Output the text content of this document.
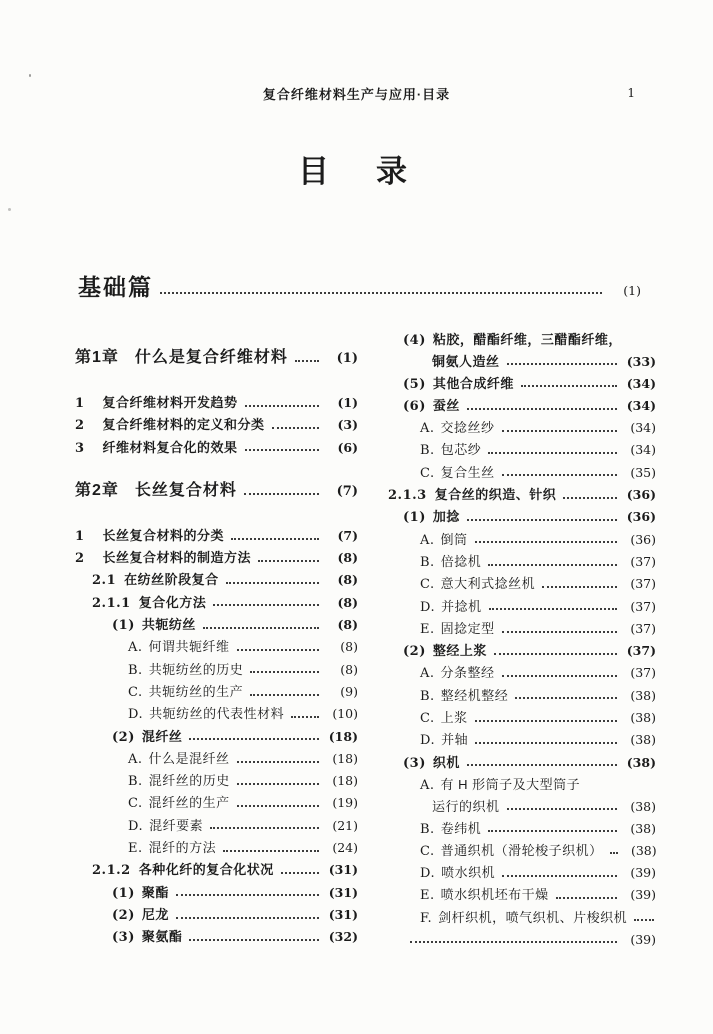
复合纤维材料生产与应用·目录	1
目　录
基础篇	(1)
第1章 什么是复合纤维材料	(1)
1 复合纤维材料开发趋势	(1)
2 复合纤维材料的定义和分类	(3)
3 纤维材料复合化的效果	(6)
第2章 长丝复合材料	(7)
1 长丝复合材料的分类	(7)
2 长丝复合材料的制造方法	(8)
2.1 在纺丝阶段复合	(8)
2.1.1 复合化方法	(8)
(1) 共轭纺丝	(8)
A. 何谓共轭纤维	(8)
B. 共轭纺丝的历史	(8)
C. 共轭纺丝的生产	(9)
D. 共轭纺丝的代表性材料	(10)
(2) 混纤丝	(18)
A. 什么是混纤丝	(18)
B. 混纤丝的历史	(18)
C. 混纤丝的生产	(19)
D. 混纤要素	(21)
E. 混纤的方法	(24)
2.1.2 各种化纤的复合化状况	(31)
(1) 聚酯	(31)
(2) 尼龙	(31)
(3) 聚氨酯	(32)
(4) 粘胶，醋酯纤维，三醋酯纤维，
铜氨人造丝	(33)
(5) 其他合成纤维	(34)
(6) 蚕丝	(34)
A. 交捻丝纱	(34)
B. 包芯纱	(34)
C. 复合生丝	(35)
2.1.3 复合丝的织造、针织	(36)
(1) 加捻	(36)
A. 倒筒	(36)
B. 倍捻机	(37)
C. 意大利式捻丝机	(37)
D. 并捻机	(37)
E. 固捻定型	(37)
(2) 整经上浆	(37)
A. 分条整经	(37)
B. 整经机整经	(38)
C. 上浆	(38)
D. 并轴	(38)
(3) 织机	(38)
A. 有 H 形筒子及大型筒子
运行的织机	(38)
B. 卷纬机	(38)
C. 普通织机（滑轮梭子织机）	(38)
D. 喷水织机	(39)
E. 喷水织机坯布干燥	(39)
F. 剑杆织机，喷气织机、片梭织机
(39)
